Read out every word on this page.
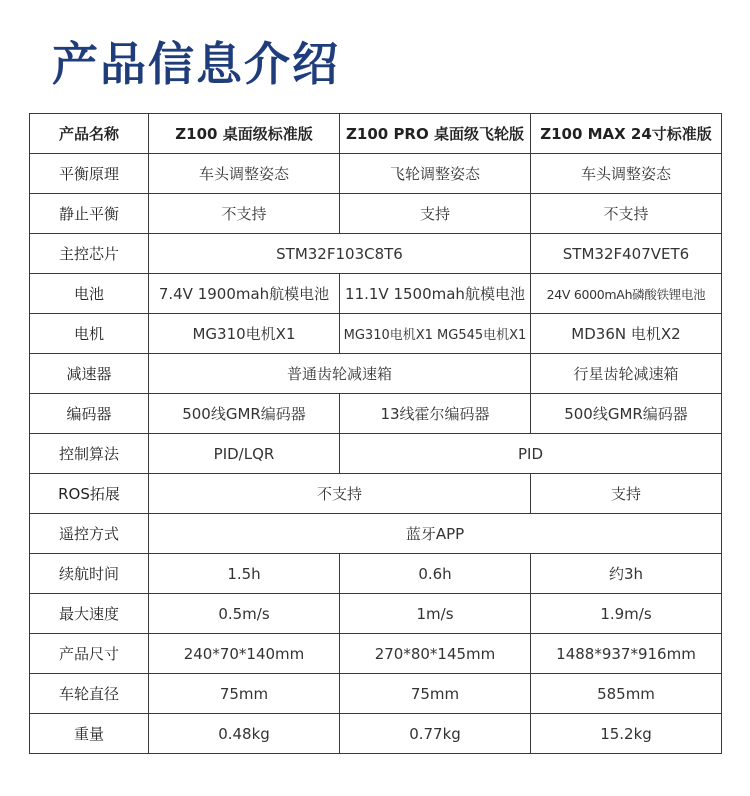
产品信息介绍
产品名称	Z100 桌面级标准版	Z100 PRO 桌面级飞轮版	Z100 MAX 24寸标准版
平衡原理	车头调整姿态	飞轮调整姿态	车头调整姿态
静止平衡	不支持	支持	不支持
主控芯片	STM32F103C8T6		STM32F407VET6
电池	7.4V 1900mah航模电池	11.1V 1500mah航模电池	24V 6000mAh磷酸铁锂电池
电机	MG310电机X1	MG310电机X1 MG545电机X1	MD36N 电机X2
减速器	普通齿轮减速箱		行星齿轮减速箱
编码器	500线GMR编码器	13线霍尔编码器	500线GMR编码器
控制算法	PID/LQR	PID	
ROS拓展	不支持		支持
遥控方式	蓝牙APP		
续航时间	1.5h	0.6h	约3h
最大速度	0.5m/s	1m/s	1.9m/s
产品尺寸	240*70*140mm	270*80*145mm	1488*937*916mm
车轮直径	75mm	75mm	585mm
重量	0.48kg	0.77kg	15.2kg
